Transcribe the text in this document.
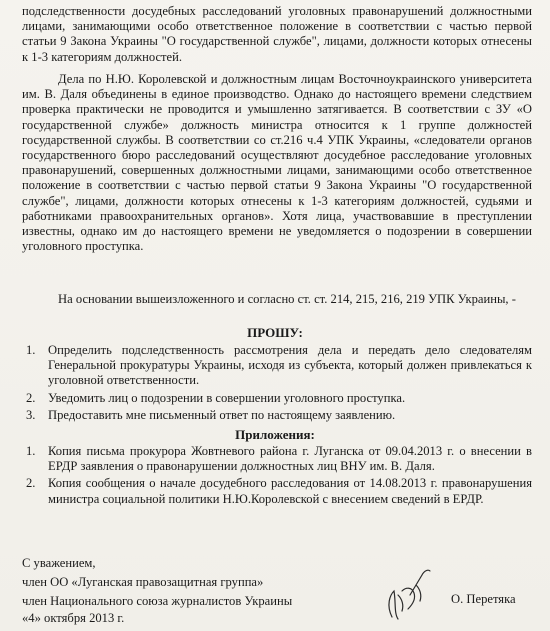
подследственности досудебных расследований уголовных правонарушений должностными лицами, занимающими особо ответственное положение в соответствии с частью первой статьи 9 Закона Украины "О государственной службе", лицами, должности которых отнесены к 1-3 категориям должностей.

Дела по Н.Ю. Королевской и должностным лицам Восточноукраинского университета им. В. Даля объединены в единое производство. Однако до настоящего времени следствием проверка практически не проводится и умышленно затягивается. В соответствии с ЗУ «О государственной службе» должность министра относится к 1 группе должностей государственной службы. В соответствии со ст.216 ч.4 УПК Украины, «следователи органов государственного бюро расследований осуществляют досудебное расследование уголовных правонарушений, совершенных должностными лицами, занимающими особо ответственное положение в соответствии с частью первой статьи 9 Закона Украины "О государственной службе", лицами, должности которых отнесены к 1-3 категориям должностей, судьями и работниками правоохранительных органов». Хотя лица, участвовавшие в преступлении известны, однако им до настоящего времени не уведомляется о подозрении в совершении уголовного проступка.

На основании вышеизложенного и согласно ст. ст. 214, 215, 216, 219 УПК Украины, -

ПРОШУ:
1. Определить подследственность рассмотрения дела и передать дело следователям Генеральной прокуратуры Украины, исходя из субъекта, который должен привлекаться к уголовной ответственности.
2. Уведомить лиц о подозрении в совершении уголовного проступка.
3. Предоставить мне письменный ответ по настоящему заявлению.
Приложения:
1. Копия письма прокурора Жовтневого района г. Луганска от 09.04.2013 г. о внесении в ЕРДР заявления о правонарушении должностных лиц ВНУ им. В. Даля.
2. Копия сообщения о начале досудебного расследования от 14.08.2013 г. правонарушения министра социальной политики Н.Ю.Королевской с внесением сведений в ЕРДР.
С уважением,
член ОО «Луганская правозащитная группа»
член Национального союза журналистов Украины
«4» октября 2013 г.
О. Перетяка
